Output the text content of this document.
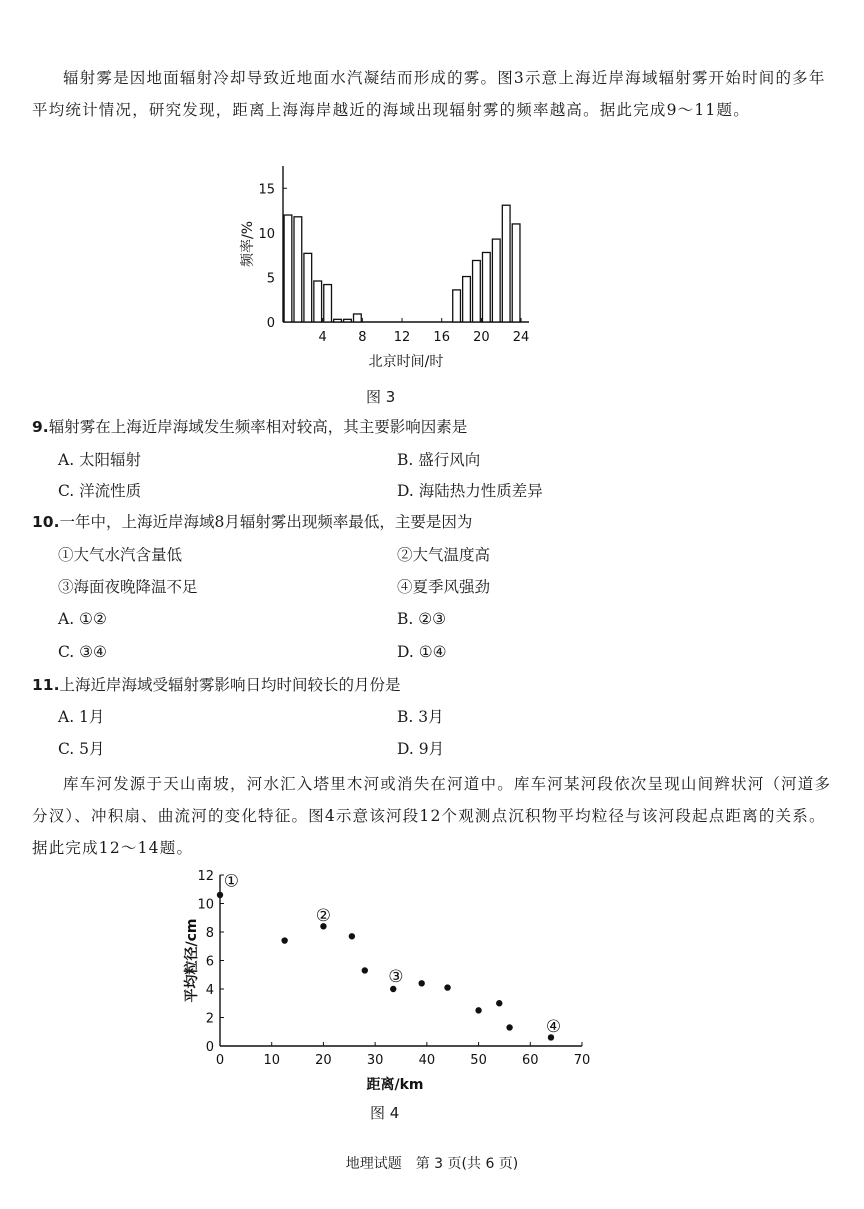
辐射雾是因地面辐射冷却导致近地面水汽凝结而形成的雾。图3示意上海近岸海域辐射雾开始时间的多年平均统计情况，研究发现，距离上海海岸越近的海域出现辐射雾的频率越高。据此完成9～11题。

0
5
10
15
4 8 12 16 20 24
北京时间/时
频率/%
图 3

9.辐射雾在上海近岸海域发生频率相对较高，其主要影响因素是

A. 太阳辐射	B. 盛行风向

C. 洋流性质	D. 海陆热力性质差异

10.一年中，上海近岸海域8月辐射雾出现频率最低，主要是因为

①大气水汽含量低	②大气温度高

③海面夜晚降温不足	④夏季风强劲

A. ①②	B. ②③

C. ③④	D. ①④

11.上海近岸海域受辐射雾影响日均时间较长的月份是

A. 1月	B. 3月

C. 5月	D. 9月

库车河发源于天山南坡，河水汇入塔里木河或消失在河道中。库车河某河段依次呈现山间辫状河（河道多分汊）、冲积扇、曲流河的变化特征。图4示意该河段12个观测点沉积物平均粒径与该河段起点距离的关系。据此完成12～14题。

0
2
4
6
8
10
12
0	10	20	30	40	50	60	70
①
②
③
④
距离/km
平均粒径/cm
图 4
地理试题　第 3 页(共 6 页)
